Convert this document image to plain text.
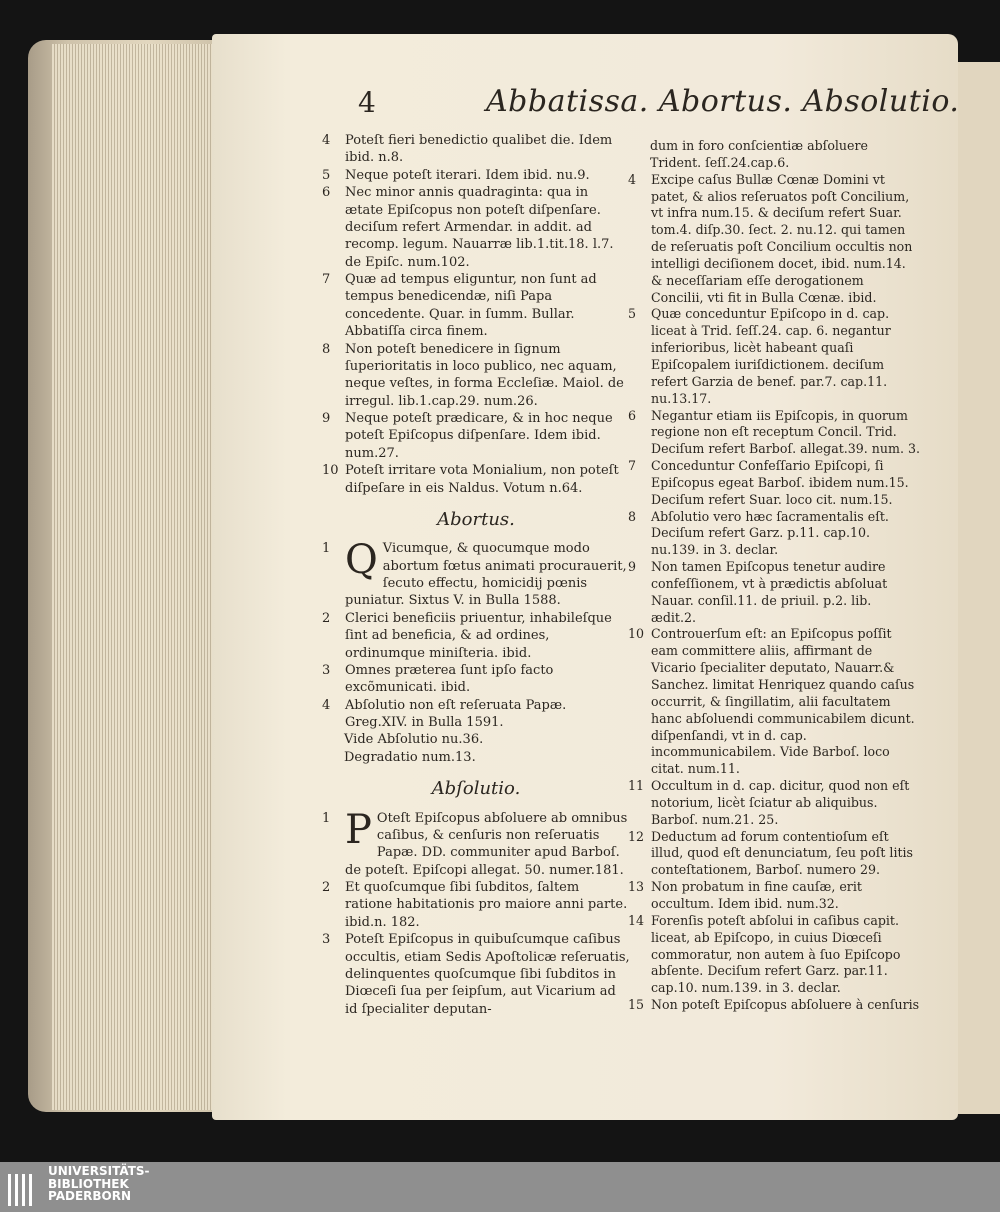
4	Abbatissa. Abortus. Absolutio.
4 Poteſt fieri benedictio qualibet die. Idem ibid. n.8.
5 Neque poteſt iterari. Idem ibid. nu.9.
6 Nec minor annis quadraginta: qua in ætate Epiſcopus non poteſt diſpenſare. deciſum refert Armendar. in addit. ad recomp. legum. Nauarræ lib.1.tit.18. l.7. de Epiſc. num.102.
7 Quæ ad tempus eliguntur, non ſunt ad tempus benedicendæ, niſi Papa concedente. Quar. in ſumm. Bullar. Abbatiſſa circa finem.
8 Non poteſt benedicere in ſignum ſuperioritatis in loco publico, nec aquam, neque veſtes, in forma Eccleſiæ. Maiol. de irregul. lib.1.cap.29. num.26.
9 Neque poteſt prædicare, & in hoc neque poteſt Epiſcopus diſpenſare. Idem ibid. num.27.
10 Poteſt irritare vota Monialium, non poteſt diſpeſare in eis Naldus. Votum n.64.
Abortus.
1 Q Vicumque, & quocumque modo abortum fœtus animati procurauerit, ſecuto effectu, homicidij pœnis puniatur. Sixtus V. in Bulla 1588.
2 Clerici beneficiis priuentur, inhabileſque ſint ad beneficia, & ad ordines, ordinumque miniſteria. ibid.
3 Omnes præterea ſunt ipſo facto excõmunicati. ibid.
4 Abſolutio non eſt reſeruata Papæ. Greg.XIV. in Bulla 1591.
Vide Abſolutio nu.36.
Degradatio num.13.
Abſolutio.
1 P Oteſt Epiſcopus abſoluere ab omnibus caſibus, & cenſuris non reſeruatis Papæ. DD. communiter apud Barboſ. de poteſt. Epiſcopi allegat. 50. numer.181.
2 Et quoſcumque ſibi ſubditos, ſaltem ratione habitationis pro maiore anni parte. ibid.n. 182.
3 Poteſt Epiſcopus in quibuſcumque caſibus occultis, etiam Sedis Apoſtolicæ reſeruatis, delinquentes quoſcumque ſibi ſubditos in Diœceſi ſua per ſeipſum, aut Vicarium ad id ſpecialiter deputan-
dum in foro conſcientiæ abſoluere Trident. ſeſſ.24.cap.6.
4 Excipe caſus Bullæ Cœnæ Domini vt patet, & alios reſeruatos poſt Concilium, vt infra num.15. & deciſum refert Suar. tom.4. diſp.30. ſect. 2. nu.12. qui tamen de reſeruatis poſt Concilium occultis non intelligi deciſionem docet, ibid. num.14. & neceſſariam eſſe derogationem Concilii, vti fit in Bulla Cœnæ. ibid.
5 Quæ conceduntur Epiſcopo in d. cap. liceat à Trid. ſeſſ.24. cap. 6. negantur inferioribus, licèt habeant quaſi Epiſcopalem iuriſdictionem. deciſum refert Garzia de benef. par.7. cap.11. nu.13.17.
6 Negantur etiam iis Epiſcopis, in quorum regione non eſt receptum Concil. Trid. Deciſum refert Barboſ. allegat.39. num. 3.
7 Conceduntur Confeſſario Epiſcopi, ſi Epiſcopus egeat Barboſ. ibidem num.15. Deciſum refert Suar. loco cit. num.15.
8 Abſolutio vero hæc ſacramentalis eſt. Deciſum refert Garz. p.11. cap.10. nu.139. in 3. declar.
9 Non tamen Epiſcopus tenetur audire confeſſionem, vt à prædictis abſoluat Nauar. conſil.11. de priuil. p.2. lib. ædit.2.
10 Controuerſum eſt: an Epiſcopus poſſit eam committere aliis, affirmant de Vicario ſpecialiter deputato, Nauarr.& Sanchez. limitat Henriquez quando caſus occurrit, & ſingillatim, alii facultatem hanc abſoluendi communicabilem dicunt. diſpenſandi, vt in d. cap. incommunicabilem. Vide Barboſ. loco citat. num.11.
11 Occultum in d. cap. dicitur, quod non eſt notorium, licèt ſciatur ab aliquibus. Barboſ. num.21. 25.
12 Deductum ad forum contentioſum eſt illud, quod eſt denunciatum, ſeu poſt litis conteſtationem, Barboſ. numero 29.
13 Non probatum in fine cauſæ, erit occultum. Idem ibid. num.32.
14 Forenſis poteſt abſolui in caſibus capit. liceat, ab Epiſcopo, in cuius Diœceſi commoratur, non autem à ſuo Epiſcopo abſente. Deciſum refert Garz. par.11. cap.10. num.139. in 3. declar.
15 Non poteſt Epiſcopus abſoluere à cenſuris
UNIVERSITÄTS-
BIBLIOTHEK
PADERBORN
